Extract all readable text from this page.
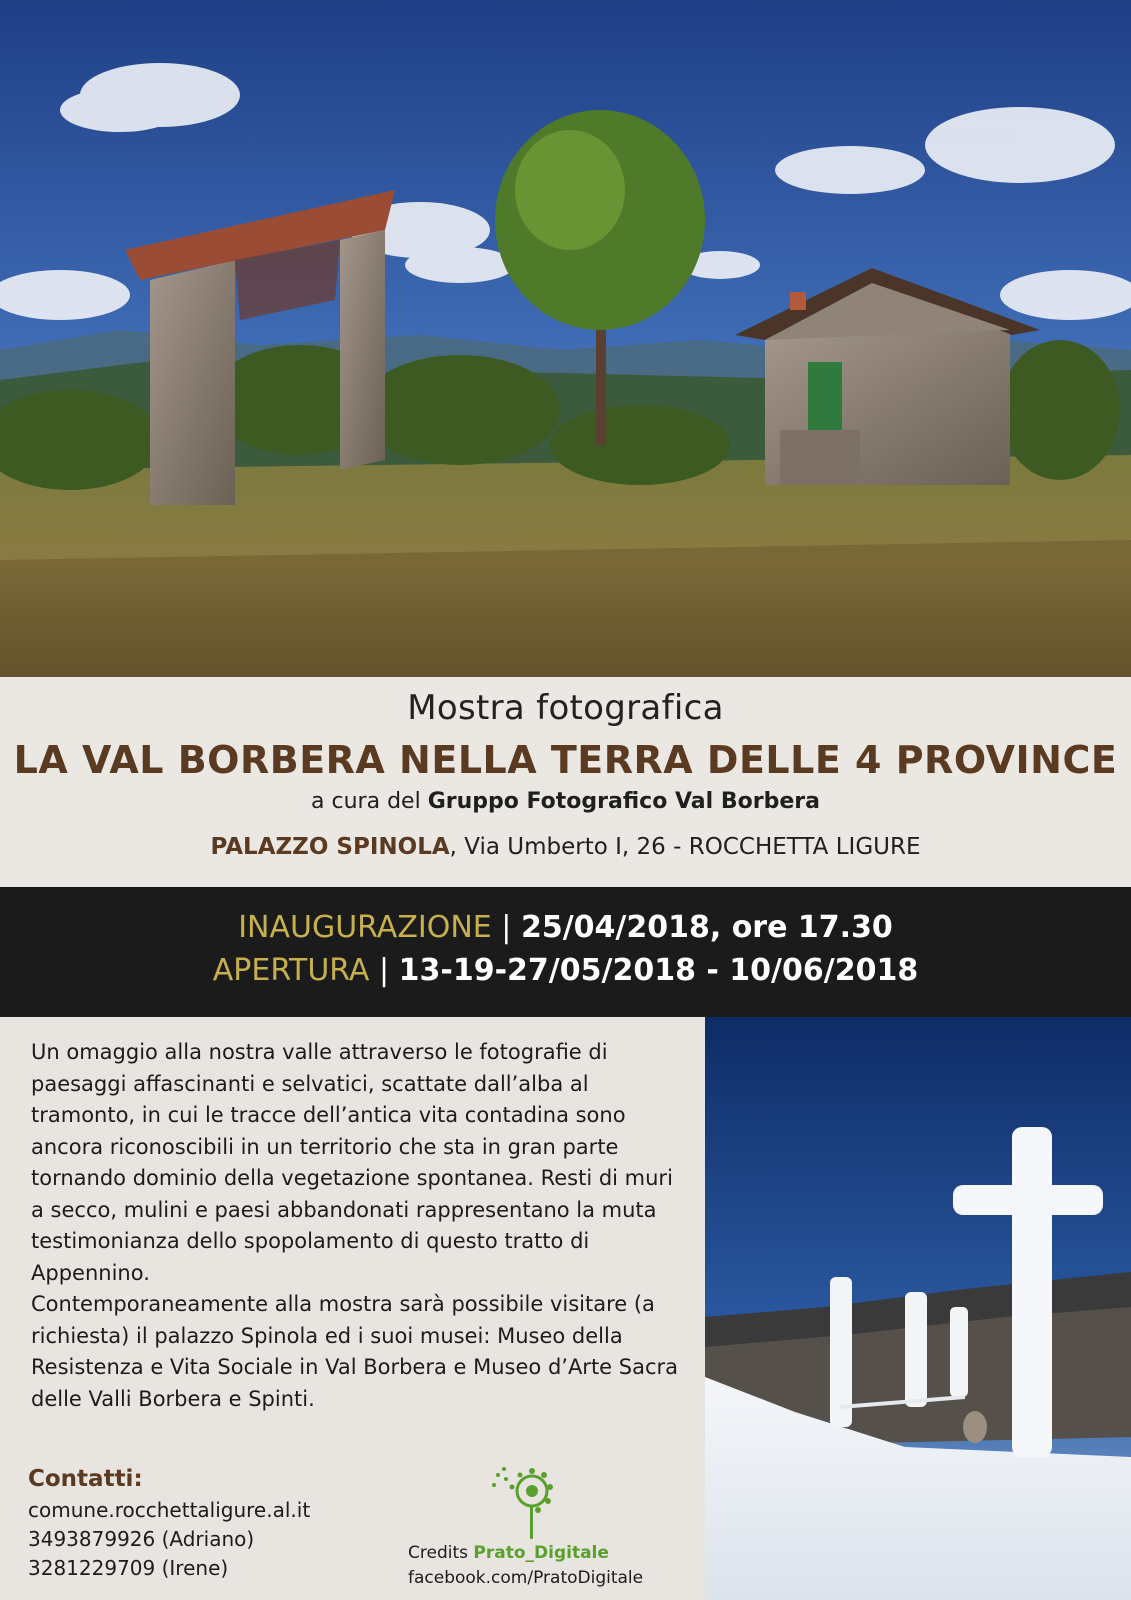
Mostra fotografica
LA VAL BORBERA NELLA TERRA DELLE 4 PROVINCE
a cura del Gruppo Fotografico Val Borbera
PALAZZO SPINOLA, Via Umberto I, 26 - ROCCHETTA LIGURE
INAUGURAZIONE | 25/04/2018, ore 17.30
APERTURA | 13-19-27/05/2018 - 10/06/2018

Un omaggio alla nostra valle attraverso le fotografie di paesaggi affascinanti e selvatici, scattate dall’alba al tramonto, in cui le tracce dell’antica vita contadina sono ancora riconoscibili in un territorio che sta in gran parte tornando dominio della vegetazione spontanea. Resti di muri a secco, mulini e paesi abbandonati rappresentano la muta testimonianza dello spopolamento di questo tratto di Appennino.

Contemporaneamente alla mostra sarà possibile visitare (a richiesta) il palazzo Spinola ed i suoi musei: Museo della Resistenza e Vita Sociale in Val Borbera e Museo d’Arte Sacra delle Valli Borbera e Spinti.

Contatti:
comune.rocchettaligure.al.it
3493879926 (Adriano)
3281229709 (Irene)
Credits Prato_Digitale
facebook.com/PratoDigitale
